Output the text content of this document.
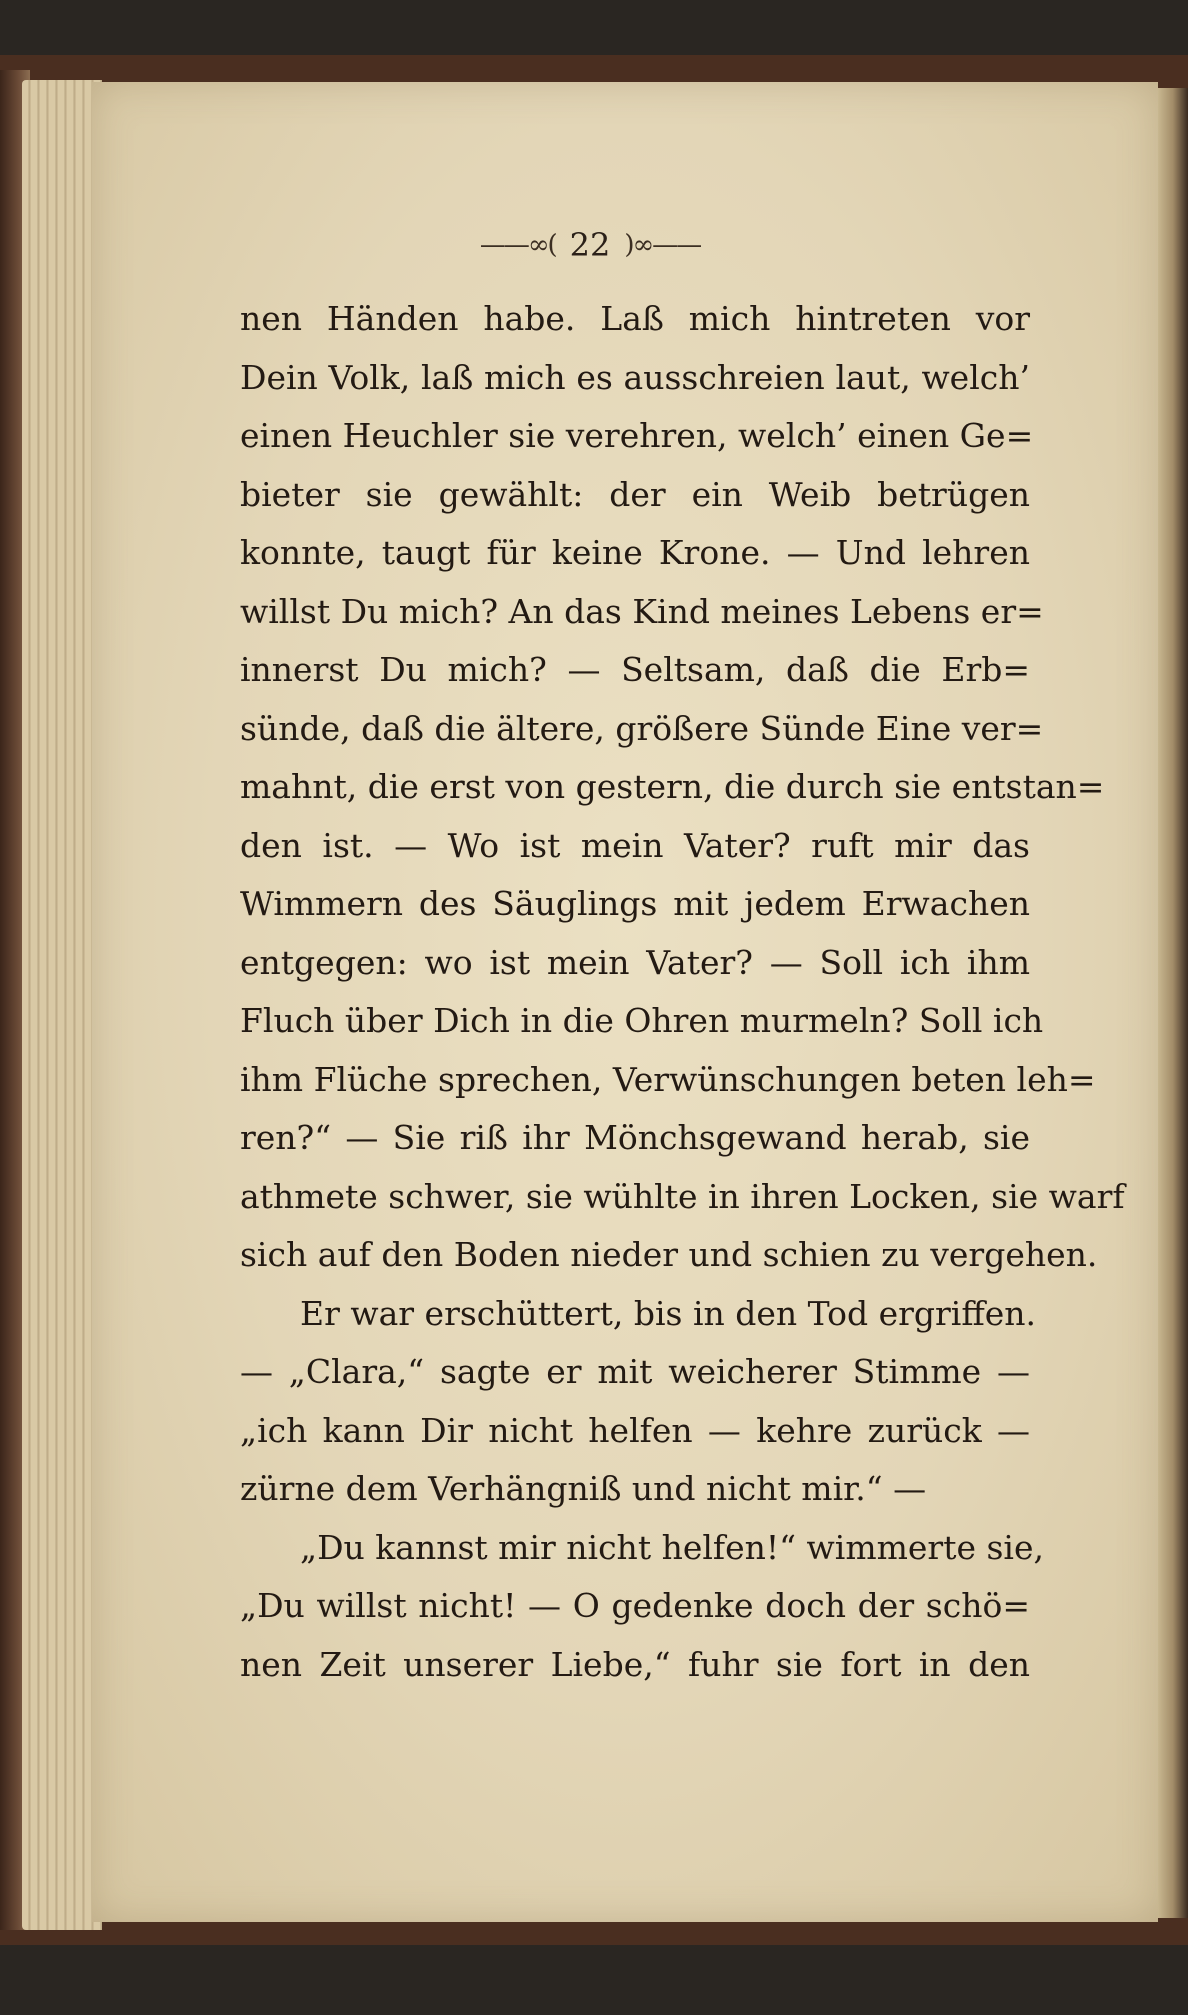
——∞( 22 )∞——
nen Händen habe. Laß mich hintreten vor
Dein Volk, laß mich es ausschreien laut, welch’
einen Heuchler sie verehren, welch’ einen Ge=
bieter sie gewählt: der ein Weib betrügen
konnte, taugt für keine Krone. — Und lehren
willst Du mich? An das Kind meines Lebens er=
innerst Du mich? — Seltsam, daß die Erb=
sünde, daß die ältere, größere Sünde Eine ver=
mahnt, die erst von gestern, die durch sie entstan=
den ist. — Wo ist mein Vater? ruft mir das
Wimmern des Säuglings mit jedem Erwachen
entgegen: wo ist mein Vater? — Soll ich ihm
Fluch über Dich in die Ohren murmeln? Soll ich
ihm Flüche sprechen, Verwünschungen beten leh=
ren?“ — Sie riß ihr Mönchsgewand herab, sie
athmete schwer, sie wühlte in ihren Locken, sie warf
sich auf den Boden nieder und schien zu vergehen.
Er war erschüttert, bis in den Tod ergriffen.
— „Clara,“ sagte er mit weicherer Stimme —
„ich kann Dir nicht helfen — kehre zurück —
zürne dem Verhängniß und nicht mir.“ —
„Du kannst mir nicht helfen!“ wimmerte sie,
„Du willst nicht! — O gedenke doch der schö=
nen Zeit unserer Liebe,“ fuhr sie fort in den
